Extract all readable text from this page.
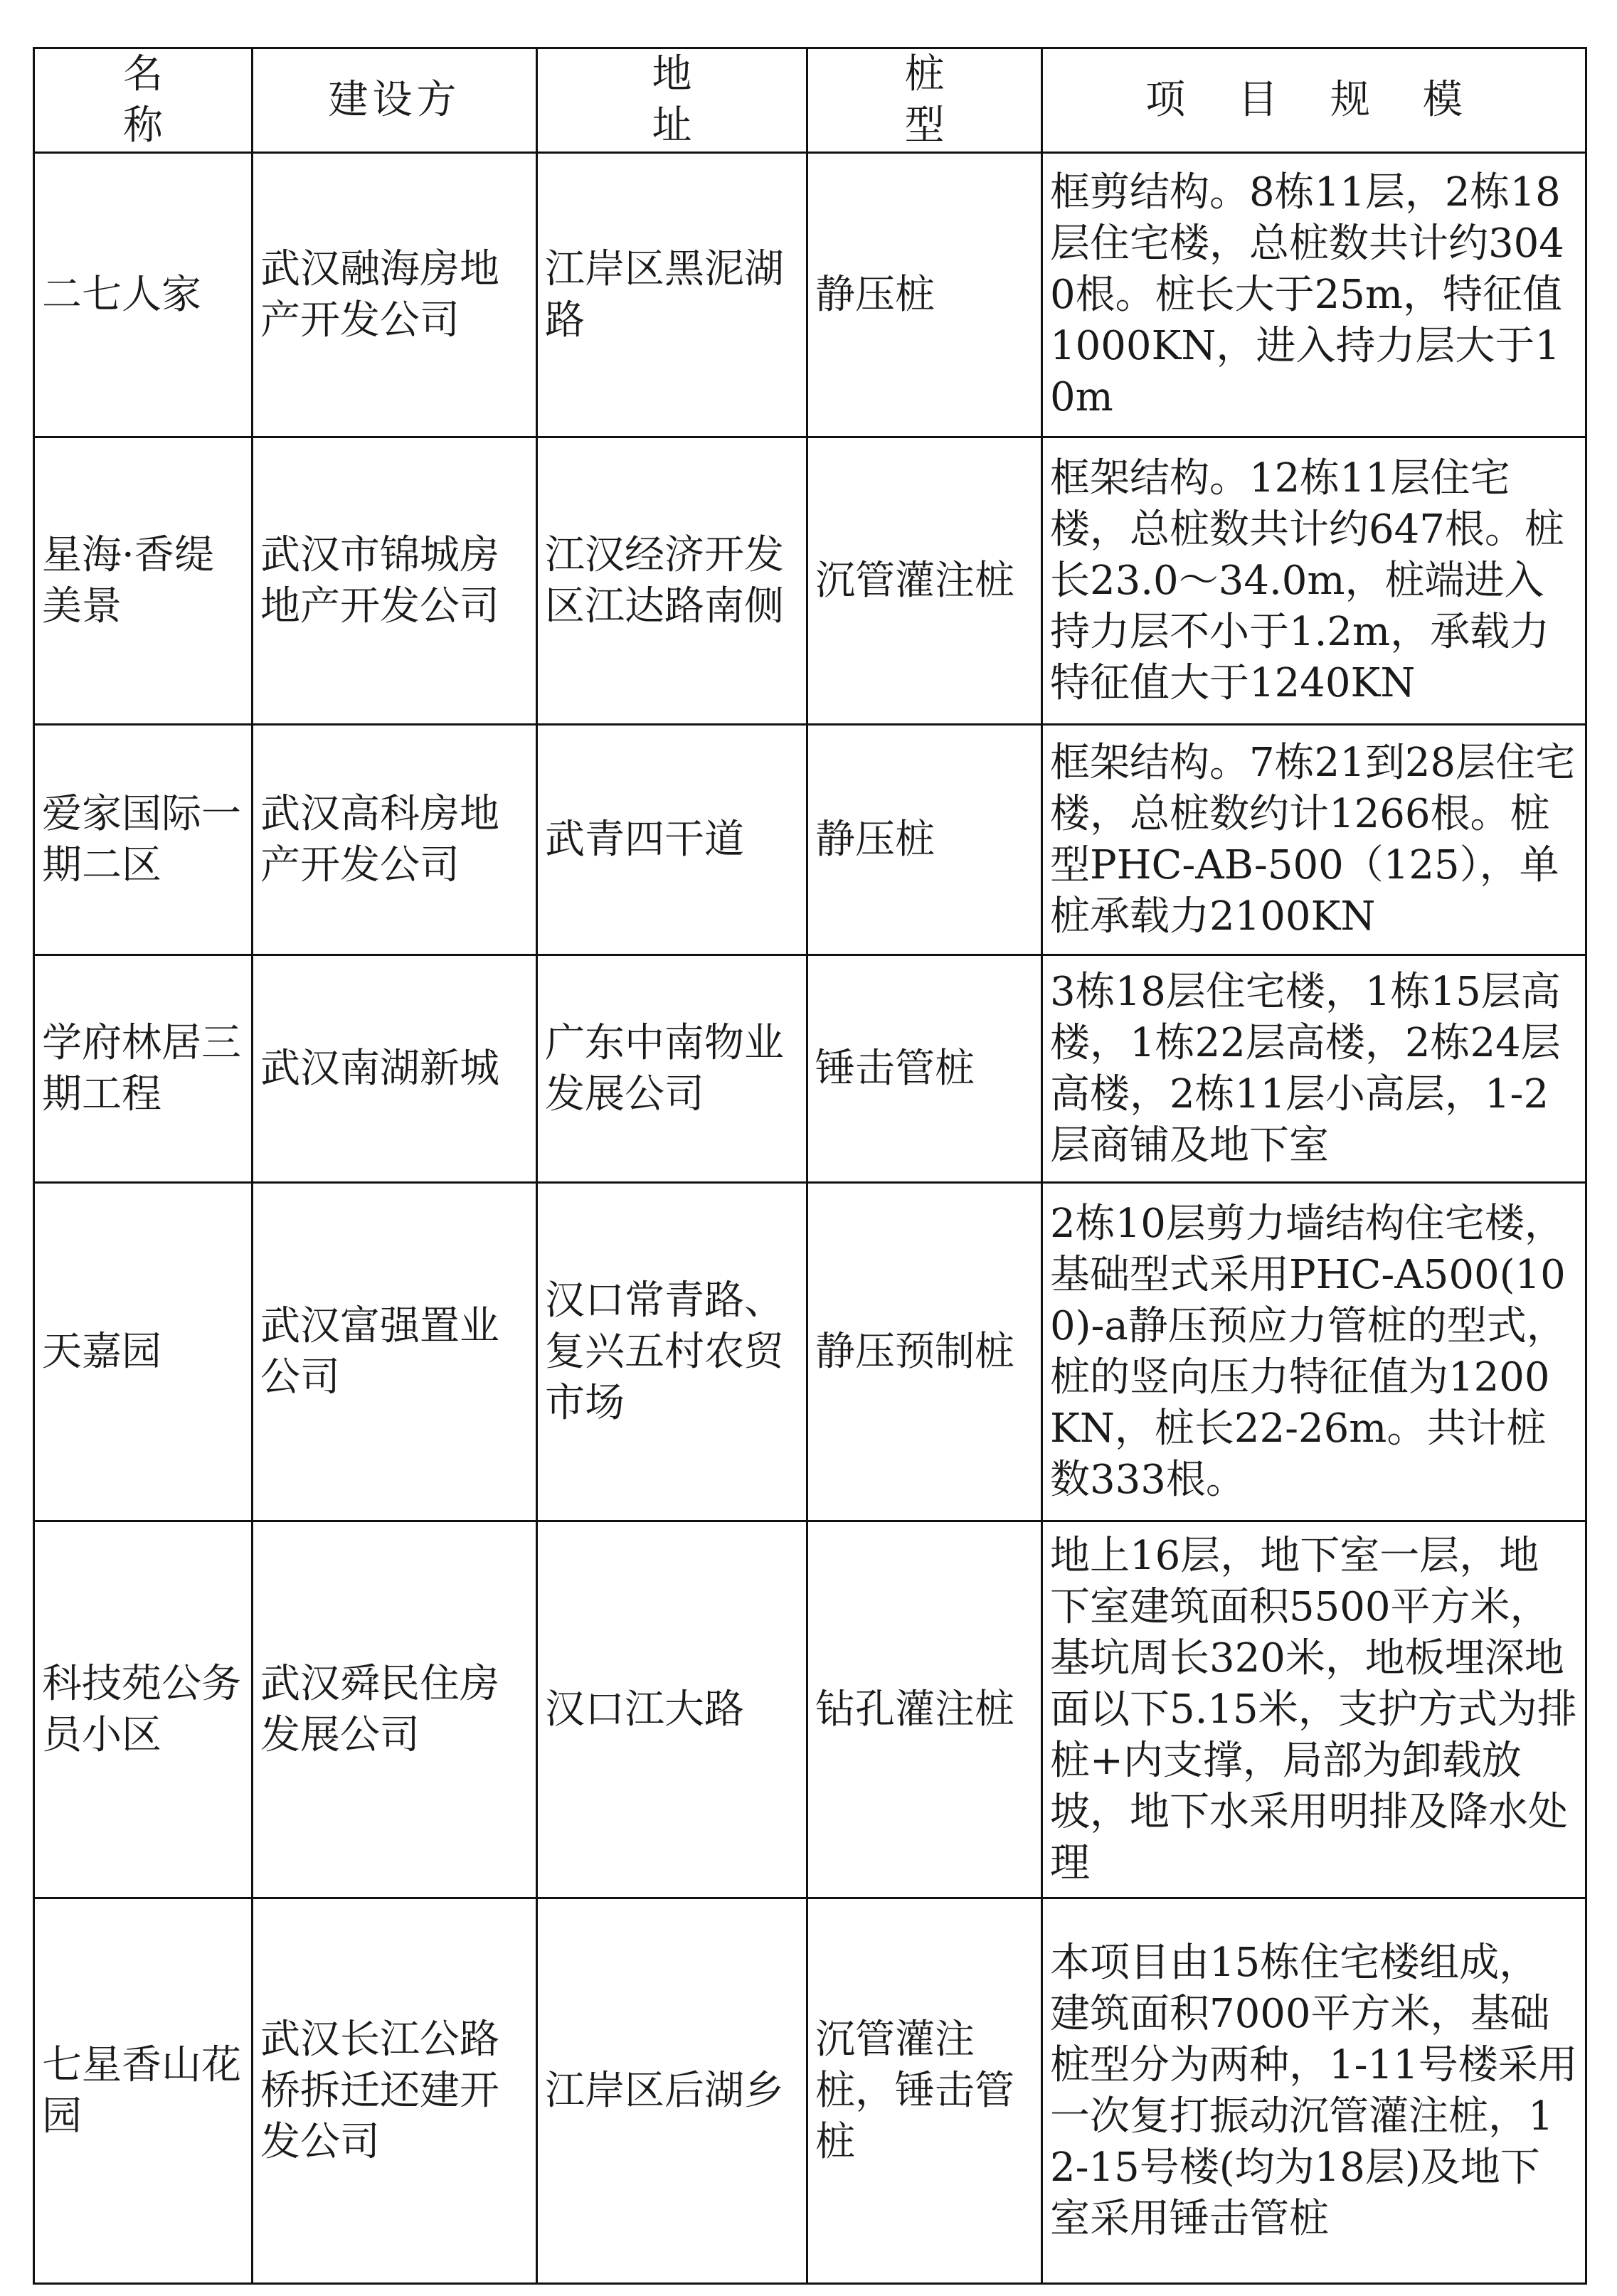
名 称	建设方	地 址	桩 型	项 目 规 模
二七人家	武汉融海房地产开发公司	江岸区黑泥湖路	静压桩	框剪结构。8栋11层，2栋18层住宅楼，总桩数共计约3040根。桩长大于25m，特征值1000KN，进入持力层大于10m
星海·香缇美景	武汉市锦城房地产开发公司	江汉经济开发区江达路南侧	沉管灌注桩	框架结构。12栋11层住宅楼，总桩数共计约647根。桩长23.0～34.0m，桩端进入持力层不小于1.2m，承载力特征值大于1240KN
爱家国际一期二区	武汉高科房地产开发公司	武青四干道	静压桩	框架结构。7栋21到28层住宅楼，总桩数约计1266根。桩型PHC-AB-500（125），单桩承载力2100KN
学府林居三期工程	武汉南湖新城	广东中南物业发展公司	锤击管桩	3栋18层住宅楼，1栋15层高楼，1栋22层高楼，2栋24层高楼，2栋11层小高层，1-2层商铺及地下室
天嘉园	武汉富强置业公司	汉口常青路、复兴五村农贸市场	静压预制桩	2栋10层剪力墙结构住宅楼，基础型式采用PHC-A500(100)-a静压预应力管桩的型式，桩的竖向压力特征值为1200KN，桩长22-26m。共计桩数333根。
科技苑公务员小区	武汉舜民住房发展公司	汉口江大路	钻孔灌注桩	地上16层，地下室一层，地下室建筑面积5500平方米，基坑周长320米，地板埋深地面以下5.15米，支护方式为排桩+内支撑，局部为卸载放坡，地下水采用明排及降水处理
七星香山花园	武汉长江公路桥拆迁还建开发公司	江岸区后湖乡	沉管灌注桩，锤击管桩	本项目由15栋住宅楼组成，建筑面积7000平方米，基础桩型分为两种，1-11号楼采用一次复打振动沉管灌注桩，12-15号楼(均为18层)及地下室采用锤击管桩
